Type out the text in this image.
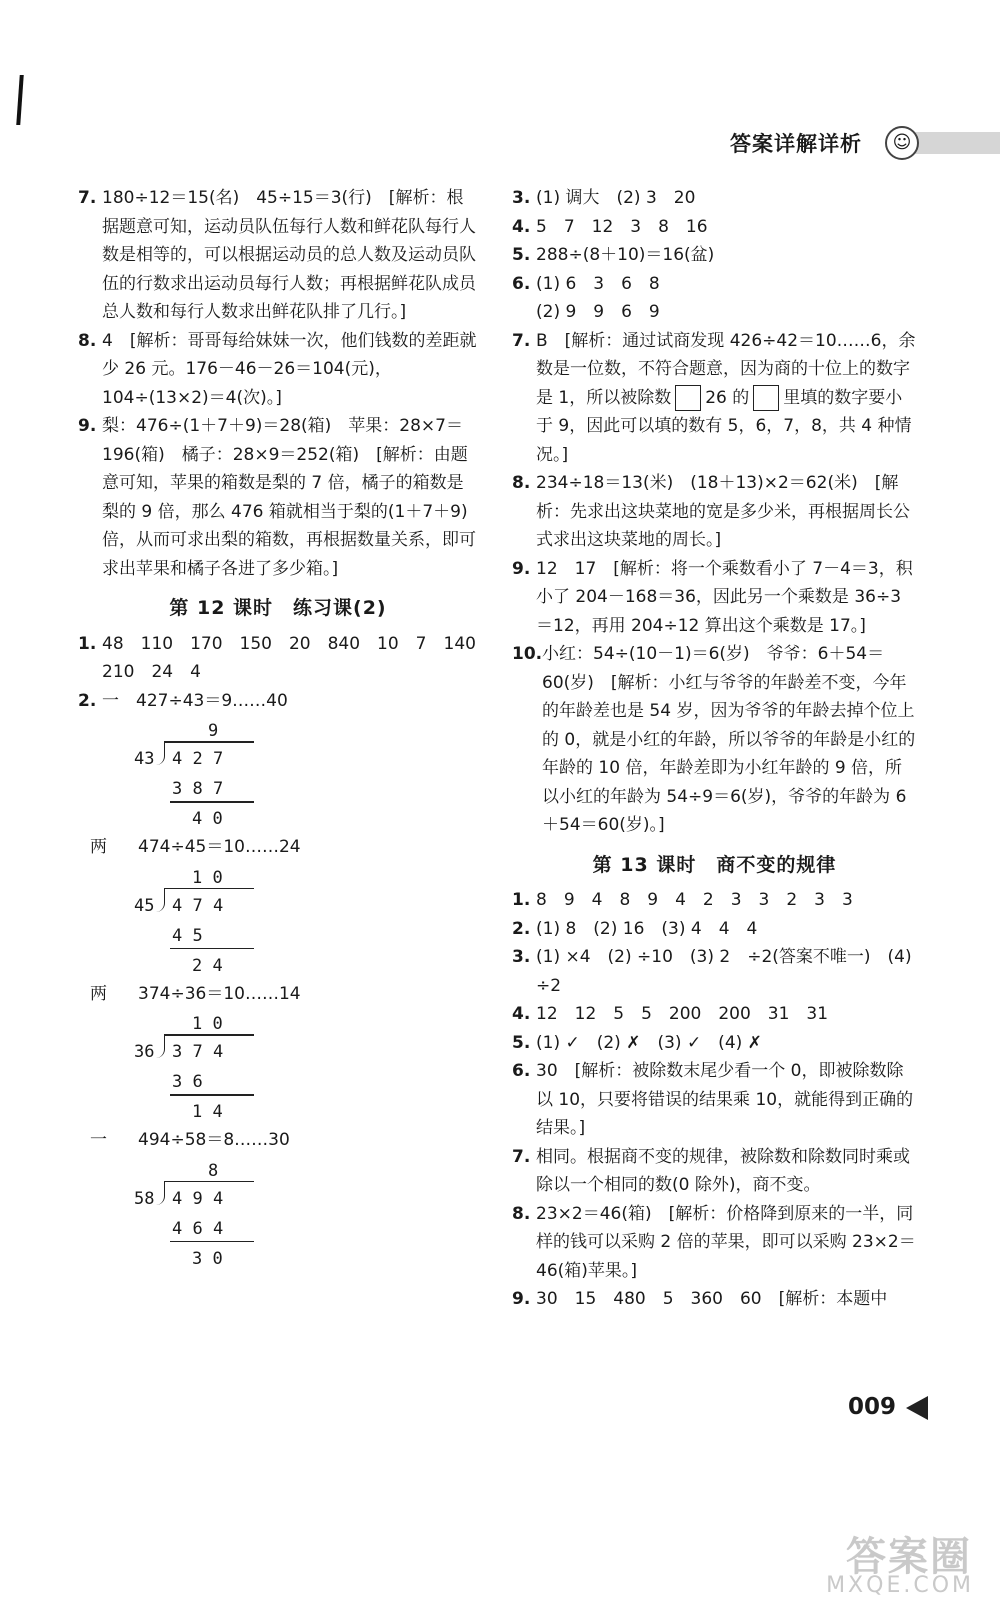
答案详解详析	☺

7. 180÷12＝15(名)　45÷15＝3(行)　[解析：根据题意可知，运动员队伍每行人数和鲜花队每行人数是相等的，可以根据运动员的总人数及运动员队伍的行数求出运动员每行人数；再根据鲜花队成员总人数和每行人数求出鲜花队排了几行。]

8. 4　[解析：哥哥每给妹妹一次，他们钱数的差距就少 26 元。176－46－26＝104(元)，104÷(13×2)＝4(次)。]

9. 梨：476÷(1＋7＋9)＝28(箱)　苹果：28×7＝196(箱)　橘子：28×9＝252(箱)　[解析：由题意可知，苹果的箱数是梨的 7 倍，橘子的箱数是梨的 9 倍，那么 476 箱就相当于梨的(1＋7＋9)倍，从而可求出梨的箱数，再根据数量关系，即可求出苹果和橘子各进了多少箱。]

第 12 课时　练习课(2)

1. 48　110　170　150　20　840　10　7　140　210　24　4

2. 一　 427÷43＝9……40

9
43 4 2 7
3 8 7
4 0
两 474÷45＝10……24
1 0
45 4 7 4
4 5
2 4
两 374÷36＝10……14
1 0
36 3 7 4
3 6
1 4
一 494÷58＝8……30
8
58 4 9 4
4 6 4
3 0

3. (1) 调大　(2) 3　20

4. 5　7　12　3　8　16

5. 288÷(8＋10)＝16(盆)

6. (1) 6　3　6　8
(2) 9　9　6　9

7. B　[解析：通过试商发现 426÷42＝10……6，余数是一位数，不符合题意，因为商的十位上的数字是 1，所以被除数 26 的 里填的数字要小于 9，因此可以填的数有 5，6，7，8，共 4 种情况。]

8. 234÷18＝13(米)　(18＋13)×2＝62(米)　[解析：先求出这块菜地的宽是多少米，再根据周长公式求出这块菜地的周长。]

9. 12　17　[解析：将一个乘数看小了 7－4＝3，积小了 204－168＝36，因此另一个乘数是 36÷3＝12，再用 204÷12 算出这个乘数是 17。]

10. 小红：54÷(10－1)＝6(岁)　爷爷：6＋54＝60(岁)　[解析：小红与爷爷的年龄差不变，今年的年龄差也是 54 岁，因为爷爷的年龄去掉个位上的 0，就是小红的年龄，所以爷爷的年龄是小红的年龄的 10 倍，年龄差即为小红年龄的 9 倍，所以小红的年龄为 54÷9＝6(岁)，爷爷的年龄为 6＋54＝60(岁)。]

第 13 课时　商不变的规律

1. 8　9　4　8　9　4　2　3　3　2　3　3

2. (1) 8　(2) 16　(3) 4　4　4

3. (1) ×4　(2) ÷10　(3) 2　÷2(答案不唯一)　(4) ÷2

4. 12　12　5　5　200　200　31　31

5. (1) ✓　(2) ✗　(3) ✓　(4) ✗

6. 30　[解析：被除数末尾少看一个 0，即被除数除以 10，只要将错误的结果乘 10，就能得到正确的结果。]

7. 相同。根据商不变的规律，被除数和除数同时乘或除以一个相同的数(0 除外)，商不变。

8. 23×2＝46(箱)　[解析：价格降到原来的一半，同样的钱可以采购 2 倍的苹果，即可以采购 23×2＝46(箱)苹果。]

9. 30　15　480　5　360　60　[解析：本题中

009
答案圈
MXQE.COM
